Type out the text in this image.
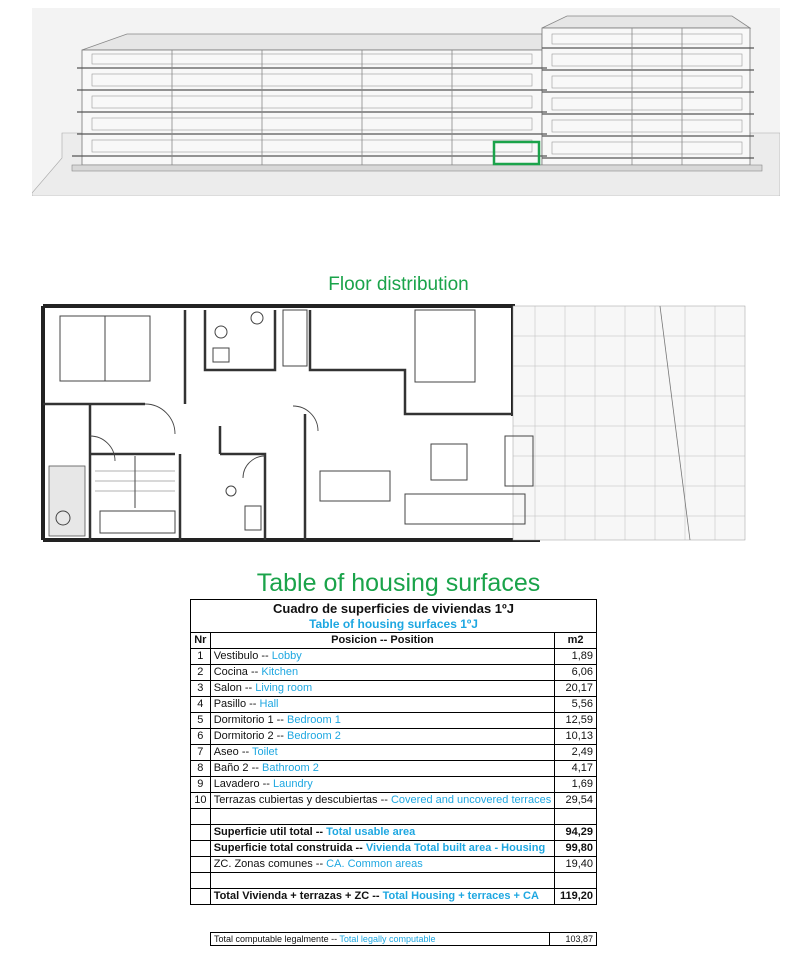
Floor distribution
Table of housing surfaces
Cuadro de superficies de viviendas 1ºJ		
Table of housing surfaces 1ºJ		
Nr	Posicion -- Position	m2
1	Vestibulo -- Lobby	1,89
2	Cocina -- Kitchen	6,06
3	Salon -- Living room	20,17
4	Pasillo -- Hall	5,56
5	Dormitorio 1 -- Bedroom 1	12,59
6	Dormitorio 2 -- Bedroom 2	10,13
7	Aseo -- Toilet	2,49
8	Baño 2 -- Bathroom 2	4,17
9	Lavadero -- Laundry	1,69
10	Terrazas cubiertas y descubiertas -- Covered and uncovered terraces	29,54

	Superficie util total -- Total usable area	94,29
	Superficie total construida -- Vivienda Total built area - Housing	99,80
	ZC. Zonas comunes -- CA. Common areas	19,40

	Total Vivienda + terrazas + ZC -- Total Housing + terraces + CA	119,20
Total computable legalmente -- Total legally computable	103,87
